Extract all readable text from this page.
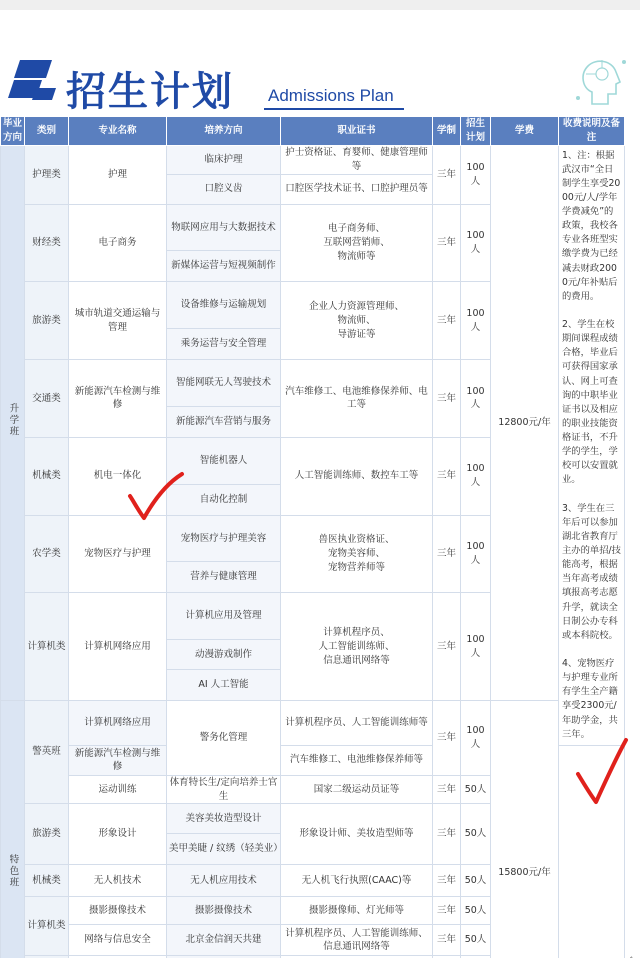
招生计划 Admissions Plan
毕业方向	类别	专业名称	培养方向	职业证书	学制	招生计划	学费	收费说明及备注	
升学班	护理类	护理	临床护理	护士资格证、育婴师、健康管理师等	三年	100人	12800元/年	1、注：根据武汉市“全日制学生享受2000元/人/学年学费减免”的政策，我校各专业各班型实缴学费为已经减去财政2000元/年补贴后的费用。

2、学生在校期间课程成绩合格，毕业后可获得国家承认、网上可查询的中职毕业证书以及相应的职业技能资格证书，不升学的学生，学校可以安置就业。

3、学生在三年后可以参加湖北省教育厅主办的单招/技能高考，根据当年高考成绩填报高考志愿升学，就读全日制公办专科或本科院校。

4、宠物医疗与护理专业所有学生全产籍享受2300元/年助学金，共三年。	
			口腔义齿	口腔医学技术证书、口腔护理员等					
	财经类	电子商务	物联网应用与大数据技术	电子商务师、
互联网营销师、
物流师等	三年	100人			
			新媒体运营与短视频制作						
	旅游类	城市轨道交通运输与管理	设备维修与运输规划	企业人力资源管理师、
物流师、
导游证等	三年	100人			
			乘务运营与安全管理						
	交通类	新能源汽车检测与维修	智能网联无人驾驶技术	汽车维修工、电池维修保养师、电工等	三年	100人			
			新能源汽车营销与服务						
	机械类	机电一体化	智能机器人	人工智能训练师、数控车工等	三年	100人			
			自动化控制						
	农学类	宠物医疗与护理	宠物医疗与护理美容	兽医执业资格证、
宠物美容师、
宠物营养师等	三年	100人			
			营养与健康管理						
	计算机类	计算机网络应用	计算机应用及管理	计算机程序员、
人工智能训练师、
信息通讯网络等	三年	100人			
			动漫游戏制作						
			AI 人工智能						
特色班	警英班	计算机网络应用	警务化管理	计算机程序员、人工智能训练师等	三年	100人	15800元/年		
		新能源汽车检测与维修		汽车维修工、电池维修保养师等					
		运动训练	体育特长生/定向培养士官生	国家二级运动员证等	三年	50人			
	旅游类	形象设计	美容美妆造型设计	形象设计师、美妆造型师等	三年	50人			
			美甲美睫 / 纹绣（轻美业）						
	机械类	无人机技术	无人机应用技术	无人机飞行执照(CAAC)等	三年	50人			
	计算机类	摄影摄像技术	摄影摄像技术	摄影摄像师、灯光师等	三年	50人			
		网络与信息安全	北京金信润天共建	计算机程序员、人工智能训练师、
信息通讯网络等	三年	50人			
